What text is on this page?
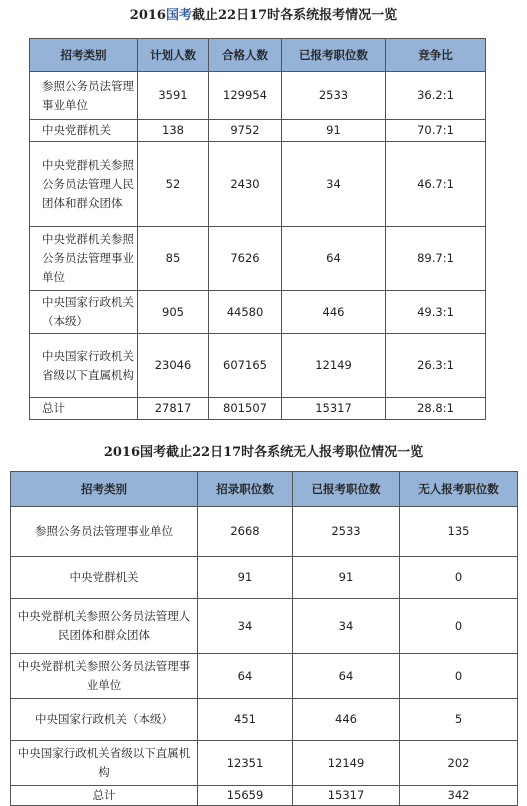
2016国考截止22日17时各系统报考情况一览
招考类别	计划人数	合格人数	已报考职位数	竞争比
参照公务员法管理事业单位	3591	129954	2533	36.2:1
中央党群机关	138	9752	91	70.7:1
中央党群机关参照公务员法管理人民团体和群众团体	52	2430	34	46.7:1
中央党群机关参照公务员法管理事业单位	85	7626	64	89.7:1
中央国家行政机关（本级）	905	44580	446	49.3:1
中央国家行政机关省级以下直属机构	23046	607165	12149	26.3:1
总计	27817	801507	15317	28.8:1
2016国考截止22日17时各系统无人报考职位情况一览
招考类别	招录职位数	已报考职位数	无人报考职位数
参照公务员法管理事业单位	2668	2533	135
中央党群机关	91	91	0
中央党群机关参照公务员法管理人民团体和群众团体	34	34	0
中央党群机关参照公务员法管理事业单位	64	64	0
中央国家行政机关（本级）	451	446	5
中央国家行政机关省级以下直属机构	12351	12149	202
总计	15659	15317	342
